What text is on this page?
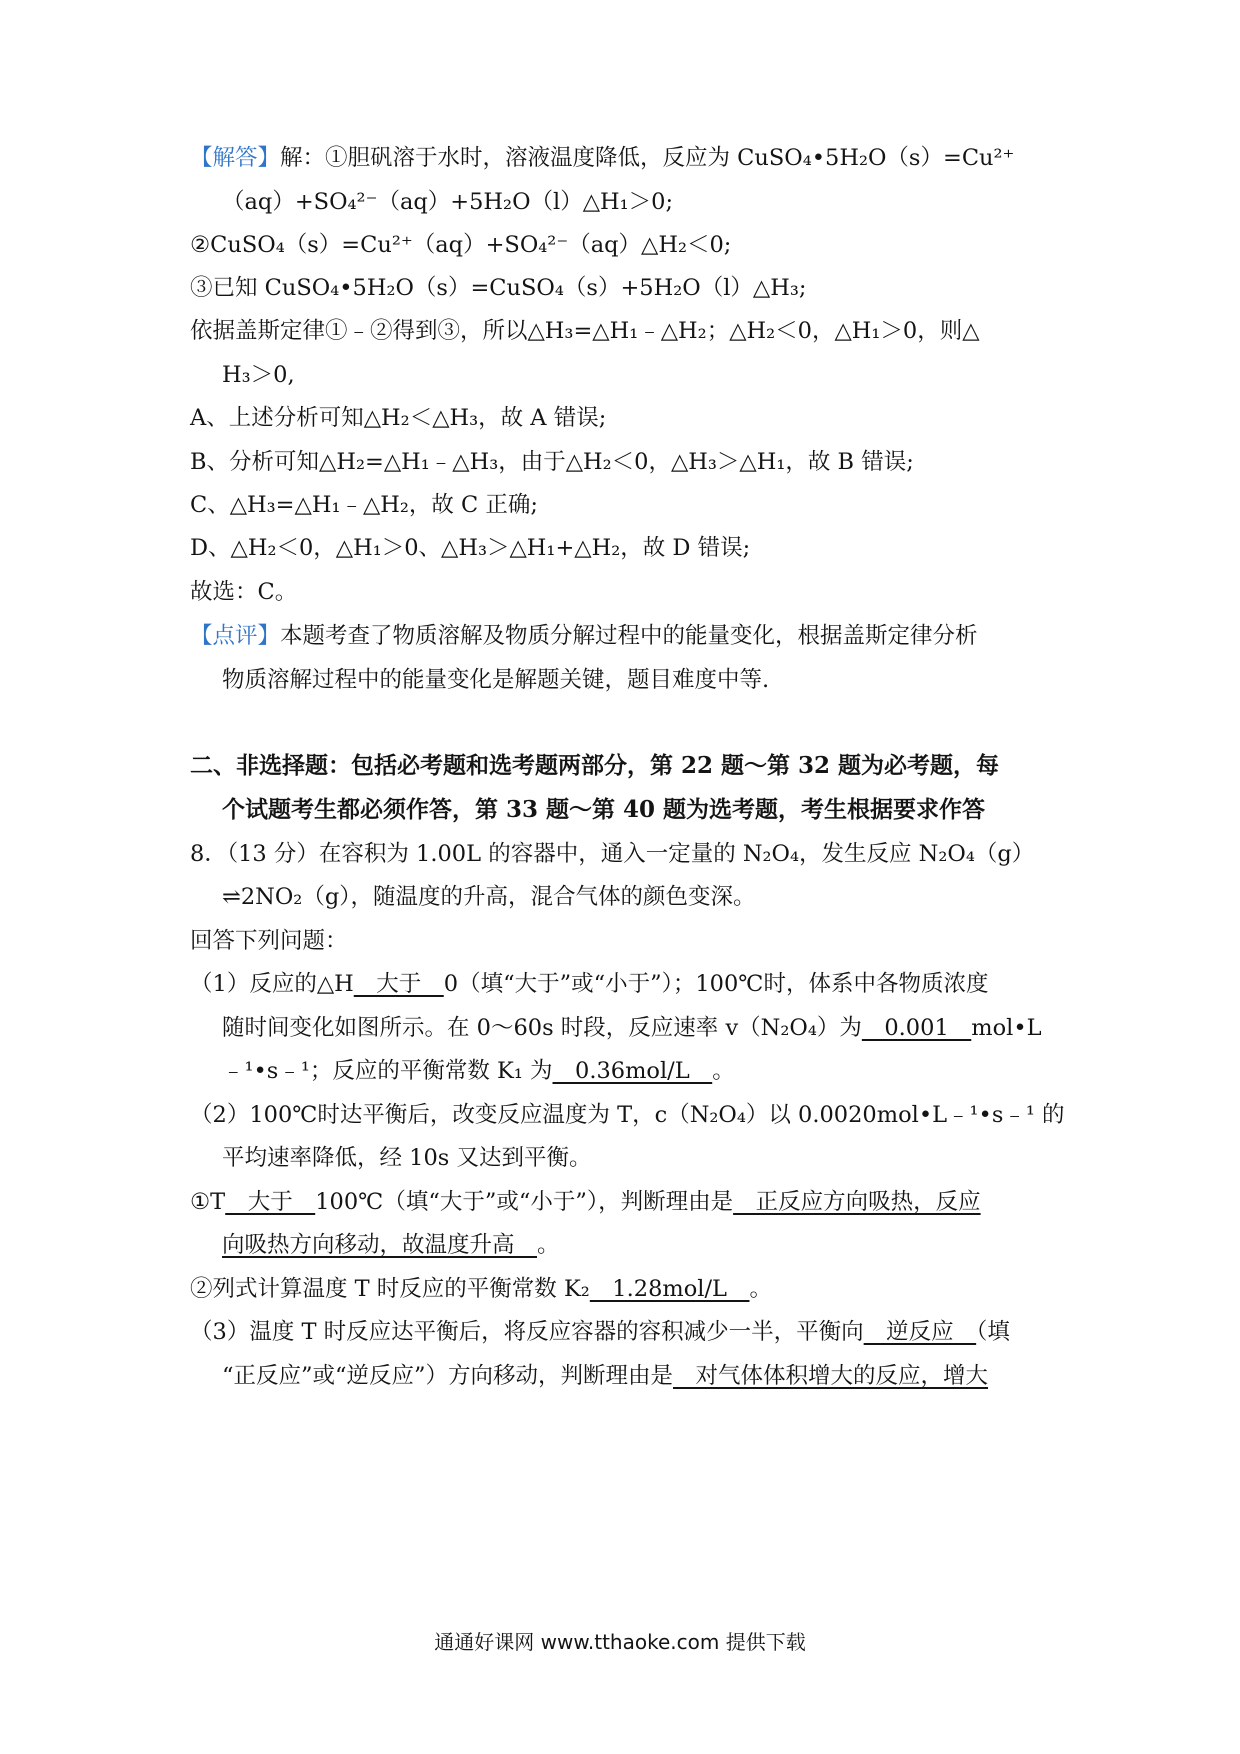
【解答】解：①胆矾溶于水时，溶液温度降低，反应为 CuSO₄•5H₂O（s）=Cu²⁺
（aq）+SO₄²⁻（aq）+5H₂O（l）△H₁＞0;
②CuSO₄（s）=Cu²⁺（aq）+SO₄²⁻（aq）△H₂＜0;
③已知 CuSO₄•5H₂O（s）=CuSO₄（s）+5H₂O（l）△H₃;
依据盖斯定律①﹣②得到③，所以△H₃=△H₁﹣△H₂；△H₂＜0，△H₁＞0，则△
H₃＞0,
A、上述分析可知△H₂＜△H₃，故 A 错误;
B、分析可知△H₂=△H₁﹣△H₃，由于△H₂＜0，△H₃＞△H₁，故 B 错误;
C、△H₃=△H₁﹣△H₂，故 C 正确;
D、△H₂＜0，△H₁＞0、△H₃＞△H₁+△H₂，故 D 错误;
故选：C。
【点评】本题考查了物质溶解及物质分解过程中的能量变化，根据盖斯定律分析
物质溶解过程中的能量变化是解题关键，题目难度中等.
二、非选择题：包括必考题和选考题两部分，第 22 题～第 32 题为必考题，每
个试题考生都必须作答，第 33 题～第 40 题为选考题，考生根据要求作答
8．（13 分）在容积为 1.00L 的容器中，通入一定量的 N₂O₄，发生反应 N₂O₄（g）
⇌2NO₂（g），随温度的升高，混合气体的颜色变深。
回答下列问题：
（1）反应的△H　大于　0（填“大于”或“小于”）；100℃时，体系中各物质浓度
随时间变化如图所示。在 0～60s 时段，反应速率 v（N₂O₄）为　0.001　mol•L
﹣¹•s﹣¹；反应的平衡常数 K₁ 为　0.36mol/L　。
（2）100℃时达平衡后，改变反应温度为 T，c（N₂O₄）以 0.0020mol•L﹣¹•s﹣¹ 的
平均速率降低，经 10s 又达到平衡。
①T　大于　100℃（填“大于”或“小于”），判断理由是　正反应方向吸热，反应
向吸热方向移动，故温度升高　。
②列式计算温度 T 时反应的平衡常数 K₂　1.28mol/L　。
（3）温度 T 时反应达平衡后，将反应容器的容积减少一半，平衡向　逆反应　（填
“正反应”或“逆反应”）方向移动，判断理由是　对气体体积增大的反应，增大
通通好课网 www.tthaoke.com 提供下载
